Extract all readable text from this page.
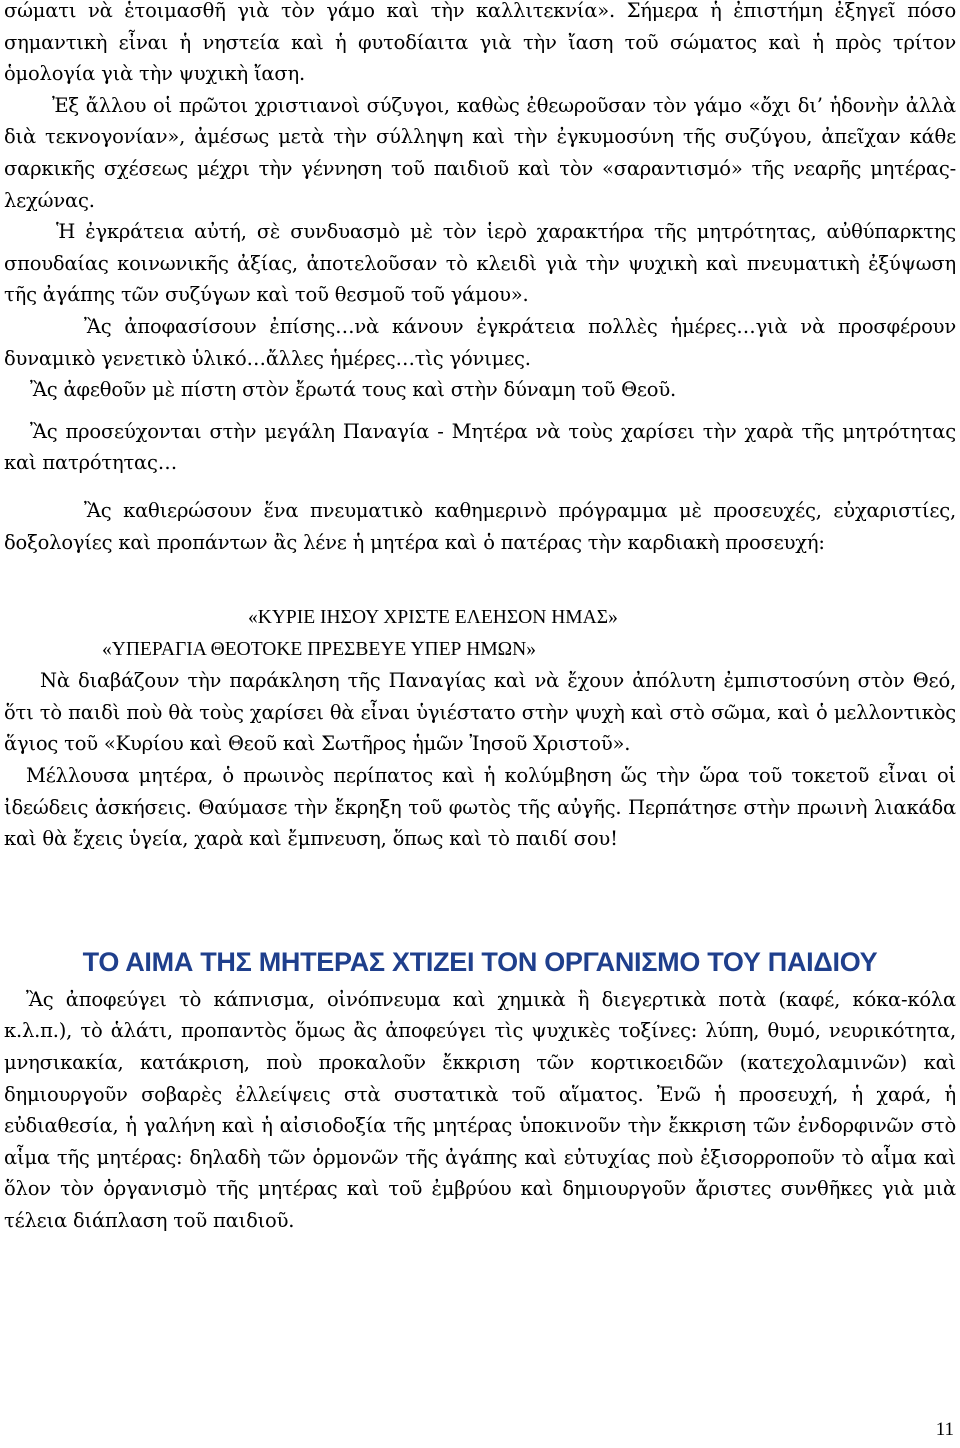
σώματι νὰ ἑτοιμασθῆ γιὰ τὸν γάμο καὶ τὴν καλλιτεκνία». Σήμερα ἡ ἐπιστήμη ἐξηγεῖ πόσο σημαντικὴ εἶναι ἡ νηστεία καὶ ἡ φυτοδίαιτα γιὰ τὴν ἴαση τοῦ σώματος καὶ ἡ πρὸς τρίτον ὁμολογία γιὰ τὴν ψυχικὴ ἴαση.

Ἐξ ἄλλου οἱ πρῶτοι χριστιανοὶ σύζυγοι, καθὼς ἐθεωροῦσαν τὸν γάμο «ὄχι δι’ ἡδονὴν ἀλλὰ διὰ τεκνογονίαν», ἀμέσως μετὰ τὴν σύλληψη καὶ τὴν ἐγκυμοσύνη τῆς συζύγου, ἀπεῖχαν κάθε σαρκικῆς σχέσεως μέχρι τὴν γέννηση τοῦ παιδιοῦ καὶ τὸν «σαραντισμό» τῆς νεαρῆς μητέρας- λεχώνας.

Ἡ ἐγκράτεια αὐτή, σὲ συνδυασμὸ μὲ τὸν ἱερὸ χαρακτήρα τῆς μητρότητας, αὐθύπαρκτης σπουδαίας κοινωνικῆς ἀξίας, ἀποτελοῦσαν τὸ κλειδὶ γιὰ τὴν ψυχικὴ καὶ πνευματικὴ ἐξύψωση τῆς ἀγάπης τῶν συζύγων καὶ τοῦ θεσμοῦ τοῦ γάμου».

Ἂς ἀποφασίσουν ἐπίσης…νὰ κάνουν ἐγκράτεια πολλὲς ἡμέρες…γιὰ νὰ προσφέρουν δυναμικὸ γενετικὸ ὑλικό…ἄλλες ἡμέρες…τὶς γόνιμες.

Ἂς ἀφεθοῦν μὲ πίστη στὸν ἔρωτά τους καὶ στὴν δύναμη τοῦ Θεοῦ.

Ἂς προσεύχονται στὴν μεγάλη Παναγία - Μητέρα νὰ τοὺς χαρίσει τὴν χαρὰ τῆς μητρότητας καὶ πατρότητας…

Ἂς καθιερώσουν ἕνα πνευματικὸ καθημερινὸ πρόγραμμα μὲ προσευχές, εὐχαριστίες, δοξολογίες καὶ προπάντων ἂς λένε ἡ μητέρα καὶ ὁ πατέρας τὴν καρδιακὴ προσευχή:

«ΚΥΡΙΕ ΙΗΣΟΥ ΧΡΙΣΤΕ ΕΛΕΗΣΟΝ ΗΜΑΣ»

«ΥΠΕΡΑΓΙΑ ΘΕΟΤΟΚΕ ΠΡΕΣΒΕΥΕ ΥΠΕΡ ΗΜΩΝ»

Νὰ διαβάζουν τὴν παράκληση τῆς Παναγίας καὶ νὰ ἔχουν ἀπόλυτη ἐμπιστοσύνη στὸν Θεό, ὅτι τὸ παιδὶ ποὺ θὰ τοὺς χαρίσει θὰ εἶναι ὑγιέστατο στὴν ψυχὴ καὶ στὸ σῶμα, καὶ ὁ μελλοντικὸς ἅγιος τοῦ «Κυρίου καὶ Θεοῦ καὶ Σωτῆρος ἡμῶν Ἰησοῦ Χριστοῦ».

Μέλλουσα μητέρα, ὁ πρωινὸς περίπατος καὶ ἡ κολύμβηση ὥς τὴν ὥρα τοῦ τοκετοῦ εἶναι οἱ ἰδεώδεις ἀσκήσεις. Θαύμασε τὴν ἔκρηξη τοῦ φωτὸς τῆς αὐγῆς. Περπάτησε στὴν πρωινὴ λιακάδα καὶ θὰ ἔχεις ὑγεία, χαρὰ καὶ ἔμπνευση, ὅπως καὶ τὸ παιδί σου!

ΤΟ ΑΙΜΑ ΤΗΣ ΜΗΤΕΡΑΣ ΧΤΙΖΕΙ ΤΟΝ ΟΡΓΑΝΙΣΜΟ ΤΟΥ ΠΑΙΔΙΟΥ

Ἂς ἀποφεύγει τὸ κάπνισμα, οἰνόπνευμα καὶ χημικὰ ἢ διεγερτικὰ ποτὰ (καφέ, κόκα-κόλα κ.λ.π.), τὸ ἁλάτι, προπαντὸς ὅμως ἂς ἀποφεύγει τὶς ψυχικὲς τοξίνες: λύπη, θυμό, νευρικότητα, μνησικακία, κατάκριση, ποὺ προκαλοῦν ἔκκριση τῶν κορτικοειδῶν (κατεχολαμινῶν) καὶ δημιουργοῦν σοβαρὲς ἐλλείψεις στὰ συστατικὰ τοῦ αἵματος. Ἐνῶ ἡ προσευχή, ἡ χαρά, ἡ εὐδιαθεσία, ἡ γαλήνη καὶ ἡ αἰσιοδοξία τῆς μητέρας ὑποκινοῦν τὴν ἔκκριση τῶν ἐνδορφινῶν στὸ αἷμα τῆς μητέρας: δηλαδὴ τῶν ὁρμονῶν τῆς ἀγάπης καὶ εὐτυχίας ποὺ ἐξισορροποῦν τὸ αἷμα καὶ ὅλον τὸν ὀργανισμὸ τῆς μητέρας καὶ τοῦ ἐμβρύου καὶ δημιουργοῦν ἄριστες συνθῆκες γιὰ μιὰ τέλεια διάπλαση τοῦ παιδιοῦ.

11
